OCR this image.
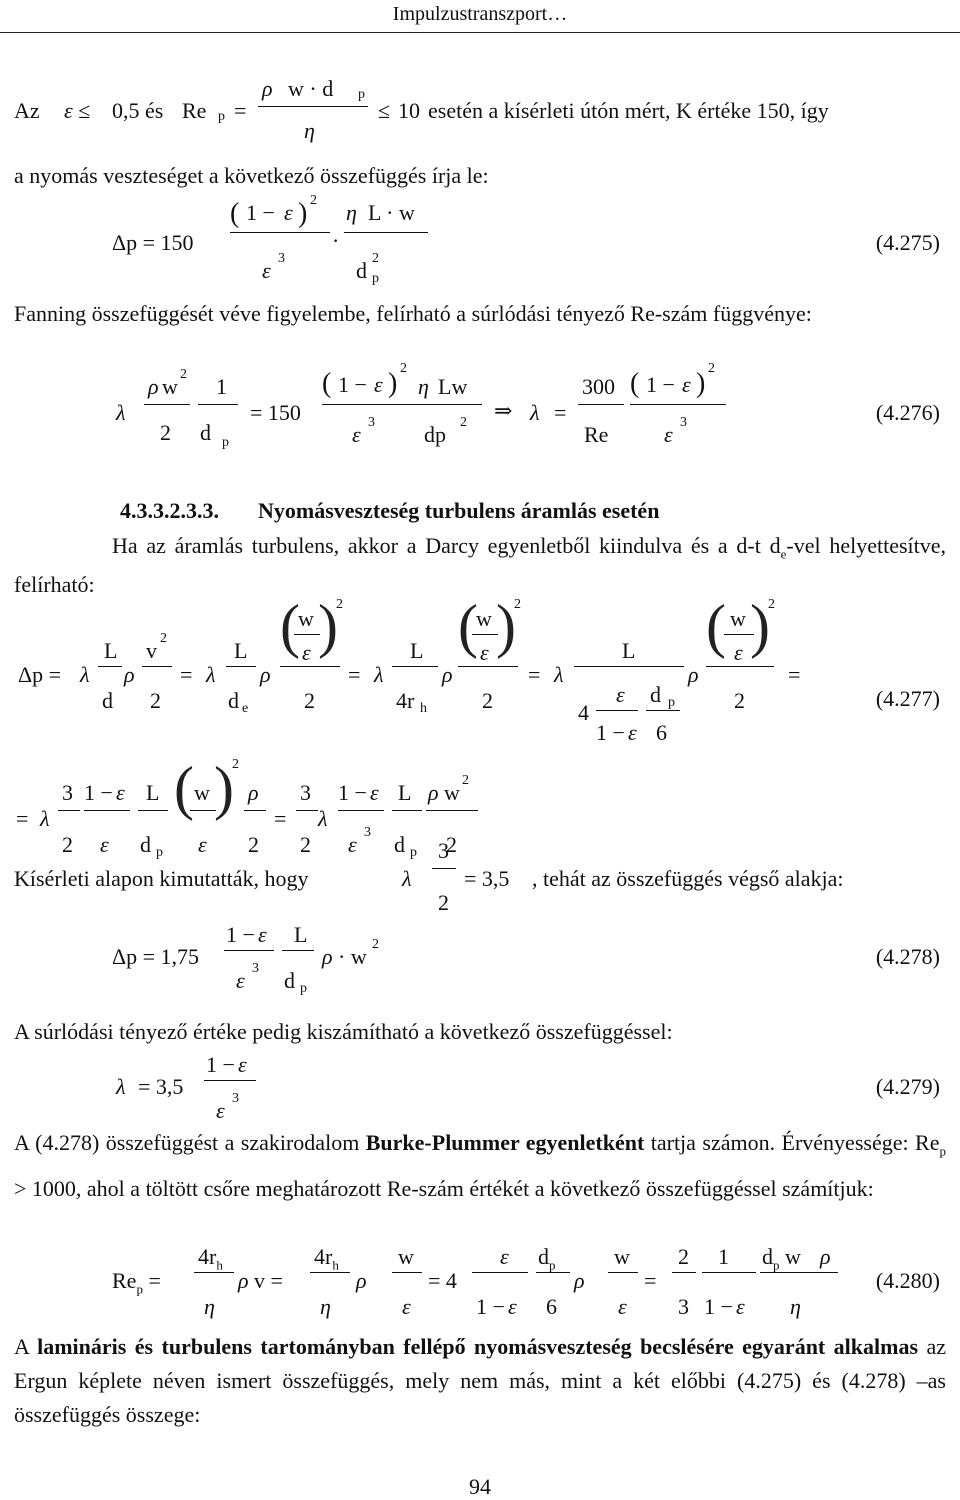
Impulzustranszport…
Az ε ≤ 0,5 és Re p =
ρ w · d p
η
≤ 10 esetén a kísérleti útón mért, K értéke 150, így
a nyomás veszteséget a következő összefüggés írja le:
Δp = 150
( 1 − ε ) 2
ε 3
·
η L · w
d 2
p
(4.275)
Fanning összefüggését véve figyelembe, felírható a súrlódási tényező Re-szám függvénye:
λ
ρ w 2
2
1
d p
= 150
( 1 − ε ) 2
ε 3
η Lw
dp 2 ⇒ λ =
300
Re
( 1 − ε ) 2
ε 3	(4.276)
4.3.3.2.3.3. Nyomásveszteség turbulens áramlás esetén
Ha az áramlás turbulens, akkor a Darcy egyenletből kiindulva és a d-t $d_e$-vel helyettesítve, felírható:
Δp = λ
L
d
ρ
v 2
2
= λ
L
d e
ρ
(
w
ε )
2
2
= λ
L
4r h
ρ
(
w
ε )
2
2
= λ
L
4
ε
1 − ε
d p
6
ρ
( w
ε )
2
2
=
(4.277)
= λ
3
2
1 − ε
ε
L
d p
( w
ε
)
2
ρ
2
=
3
2
λ
1 − ε
ε 3
L
d p
ρ w 2
2
Kísérleti alapon kimutatták, hogy	λ
3
2
= 3,5 , tehát az összefüggés végső alakja:
Δp = 1,75
1 − ε
ε 3
L
d p
ρ · w 2	(4.278)
A súrlódási tényező értéke pedig kiszámítható a következő összefüggéssel:
λ = 3,5
1 − ε
ε 3	(4.279)
A (4.278) összefüggést a szakirodalom Burke-Plummer egyenletként tartja számon. Érvényessége: $Re_p > 1000$, ahol a töltött csőre meghatározott Re-szám értékét a következő összefüggéssel számítjuk:
$Re_p$ =
$4r_h$
η
ρ v =
$4r_h$
η
ρ
w
ε
= 4
ε
1 − ε
$d_p$
6
ρ
w
ε
=
2
3
1
1 − ε
$d_p$ w ρ
η
(4.280)
A lamináris és turbulens tartományban fellépő nyomásveszteség becslésére egyaránt alkalmas az Ergun képlete néven ismert összefüggés, mely nem más, mint a két előbbi (4.275) és (4.278) –as összefüggés összege:
94
